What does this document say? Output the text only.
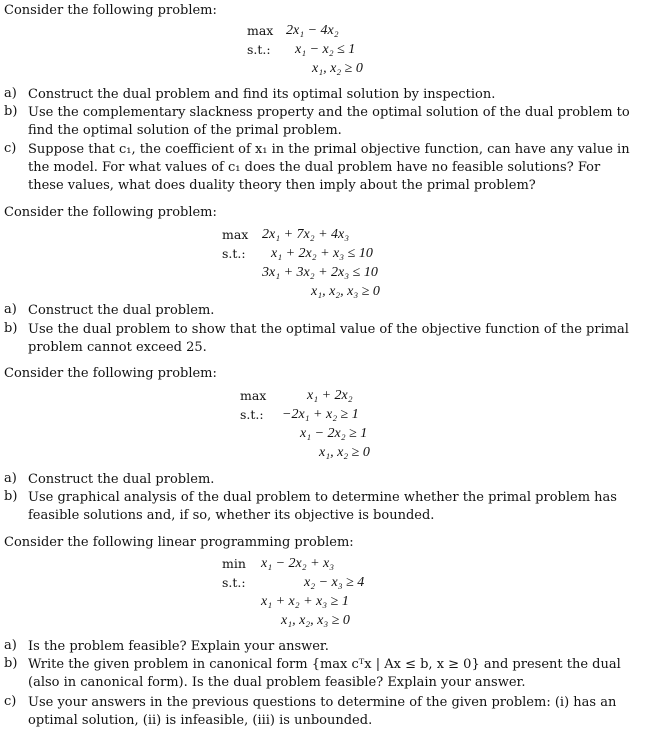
Consider the following problem:
max 2x₁ − 4x₂
s.t.: x₁ − x₂ ≤ 1
x₁, x₂ ≥ 0
a) Construct the dual problem and find its optimal solution by inspection.
b) Use the complementary slackness property and the optimal solution of the dual problem to find the optimal solution of the primal problem.
c) Suppose that c₁, the coefficient of x₁ in the primal objective function, can have any value in the model. For what values of c₁ does the dual problem have no feasible solutions? For these values, what does duality theory then imply about the primal problem?
Consider the following problem:
max 2x₁ + 7x₂ + 4x₃
s.t.: x₁ + 2x₂ + x₃ ≤ 10
3x₁ + 3x₂ + 2x₃ ≤ 10
x₁, x₂, x₃ ≥ 0
a) Construct the dual problem.
b) Use the dual problem to show that the optimal value of the objective function of the primal problem cannot exceed 25.
Consider the following problem:
max	x₁ + 2x₂
s.t.: −2x₁ + x₂ ≥ 1
x₁ − 2x₂ ≥ 1
x₁, x₂ ≥ 0
a) Construct the dual problem.
b) Use graphical analysis of the dual problem to determine whether the primal problem has feasible solutions and, if so, whether its objective is bounded.
Consider the following linear programming problem:
min x₁ − 2x₂ + x₃
s.t.:	x₂ − x₃ ≥ 4
x₁ + x₂ + x₃ ≥ 1
x₁, x₂, x₃ ≥ 0
a) Is the problem feasible? Explain your answer.
b) Write the given problem in canonical form {max cᵀx | Ax ≤ b, x ≥ 0} and present the dual (also in canonical form). Is the dual problem feasible? Explain your answer.
c) Use your answers in the previous questions to determine of the given problem: (i) has an optimal solution, (ii) is infeasible, (iii) is unbounded.
